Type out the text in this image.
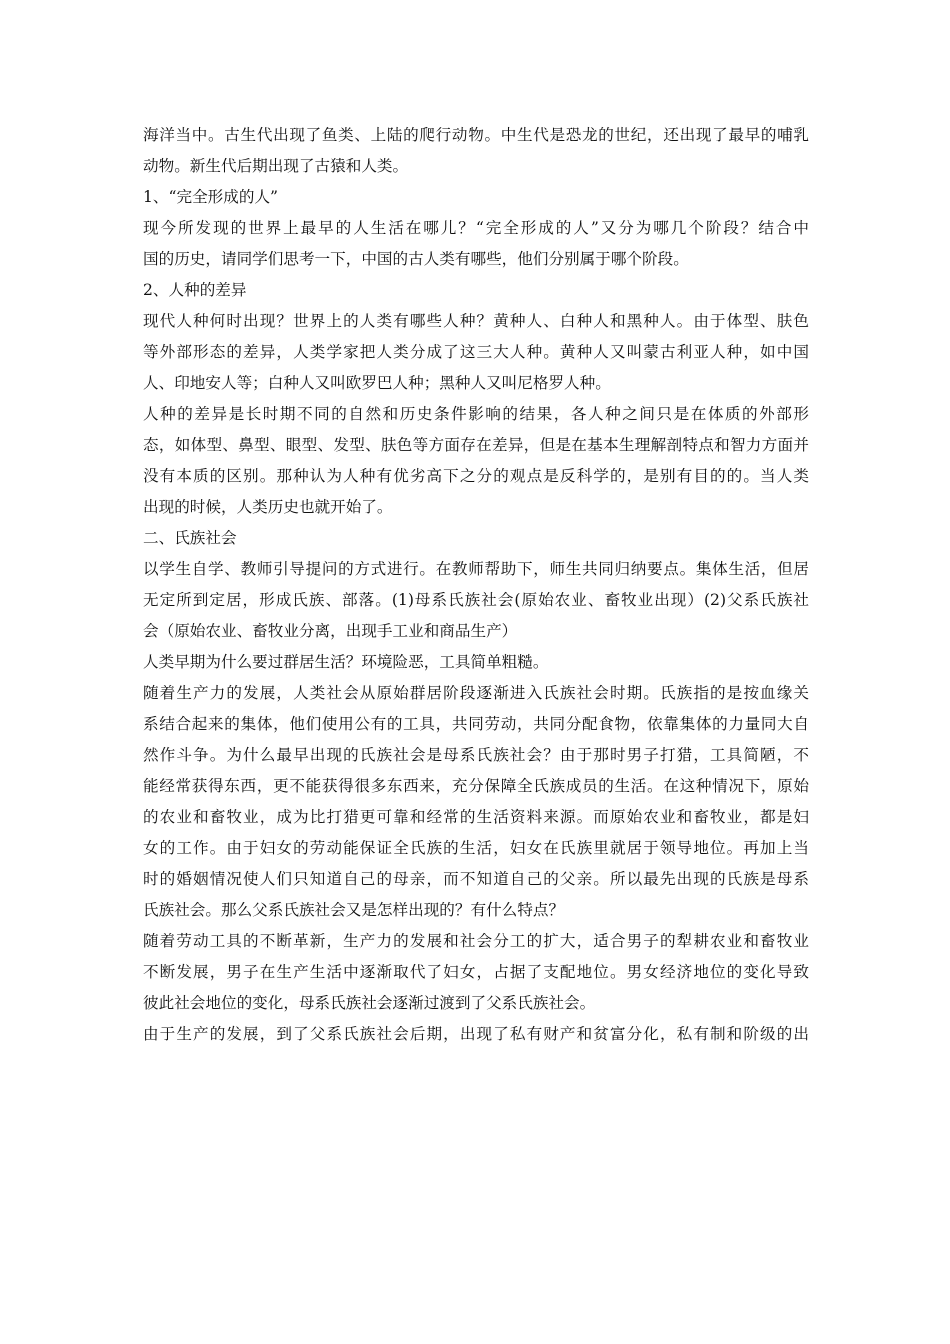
海洋当中。古生代出现了鱼类、上陆的爬行动物。中生代是恐龙的世纪，还出现了最早的哺乳
动物。新生代后期出现了古猿和人类。
1、“完全形成的人”
现今所发现的世界上最早的人生活在哪儿？“完全形成的人”又分为哪几个阶段？结合中
国的历史，请同学们思考一下，中国的古人类有哪些，他们分别属于哪个阶段。
2、人种的差异
现代人种何时出现？世界上的人类有哪些人种？黄种人、白种人和黑种人。由于体型、肤色
等外部形态的差异，人类学家把人类分成了这三大人种。黄种人又叫蒙古利亚人种，如中国
人、印地安人等；白种人又叫欧罗巴人种；黑种人又叫尼格罗人种。
人种的差异是长时期不同的自然和历史条件影响的结果，各人种之间只是在体质的外部形
态，如体型、鼻型、眼型、发型、肤色等方面存在差异，但是在基本生理解剖特点和智力方面并
没有本质的区别。那种认为人种有优劣高下之分的观点是反科学的，是别有目的的。当人类
出现的时候，人类历史也就开始了。
二、氏族社会
以学生自学、教师引导提问的方式进行。在教师帮助下，师生共同归纳要点。集体生活，但居
无定所到定居，形成氏族、部落。(1)母系氏族社会(原始农业、畜牧业出现）(2)父系氏族社
会（原始农业、畜牧业分离，出现手工业和商品生产）
人类早期为什么要过群居生活？环境险恶，工具简单粗糙。
随着生产力的发展，人类社会从原始群居阶段逐渐进入氏族社会时期。氏族指的是按血缘关
系结合起来的集体，他们使用公有的工具，共同劳动，共同分配食物，依靠集体的力量同大自
然作斗争。为什么最早出现的氏族社会是母系氏族社会？由于那时男子打猎，工具简陋，不
能经常获得东西，更不能获得很多东西来，充分保障全氏族成员的生活。在这种情况下，原始
的农业和畜牧业，成为比打猎更可靠和经常的生活资料来源。而原始农业和畜牧业，都是妇
女的工作。由于妇女的劳动能保证全氏族的生活，妇女在氏族里就居于领导地位。再加上当
时的婚姻情况使人们只知道自己的母亲，而不知道自己的父亲。所以最先出现的氏族是母系
氏族社会。那么父系氏族社会又是怎样出现的？有什么特点？
随着劳动工具的不断革新，生产力的发展和社会分工的扩大，适合男子的犁耕农业和畜牧业
不断发展，男子在生产生活中逐渐取代了妇女，占据了支配地位。男女经济地位的变化导致
彼此社会地位的变化，母系氏族社会逐渐过渡到了父系氏族社会。
由于生产的发展，到了父系氏族社会后期，出现了私有财产和贫富分化，私有制和阶级的出
